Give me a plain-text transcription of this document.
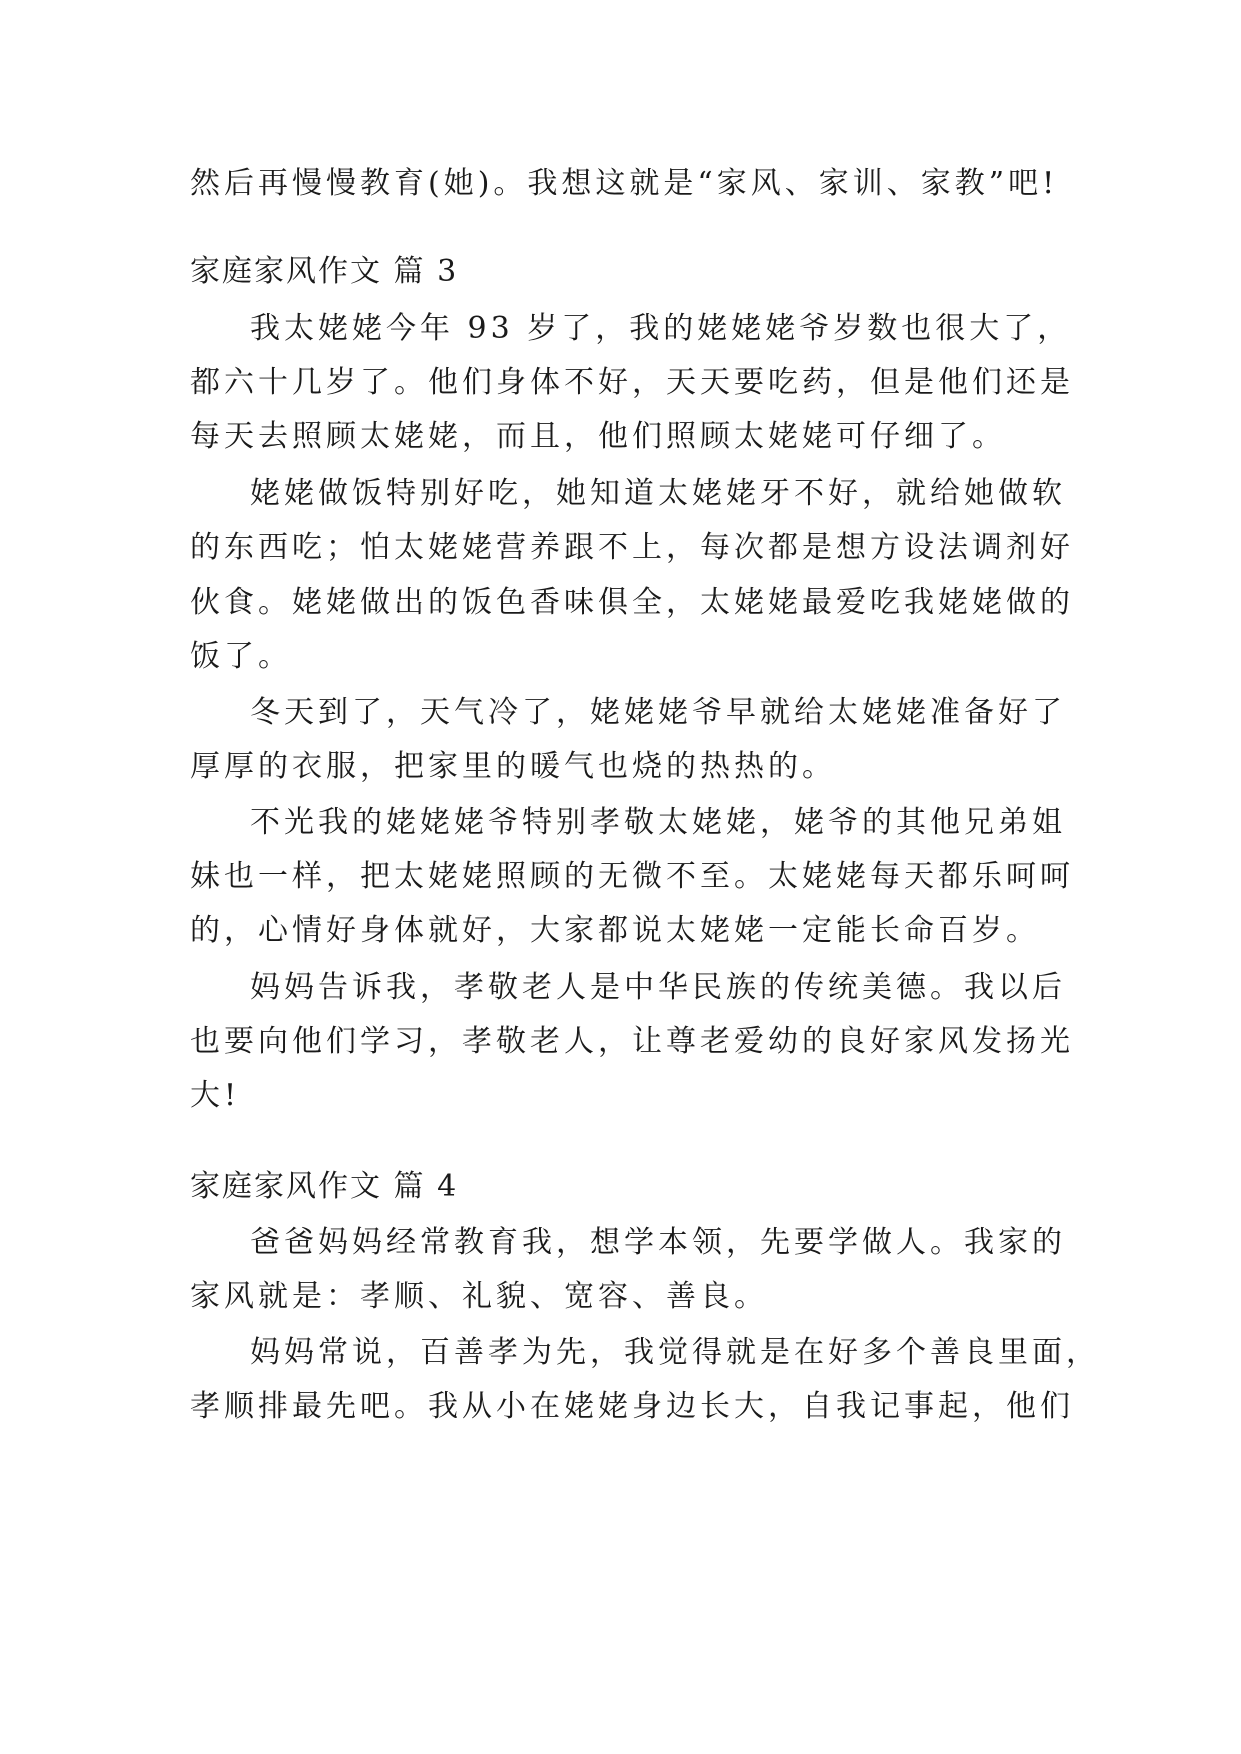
然后再慢慢教育(她)。我想这就是“家风、家训、家教”吧!
家庭家风作文 篇 3
我太姥姥今年 93 岁了，我的姥姥姥爷岁数也很大了，
都六十几岁了。他们身体不好，天天要吃药，但是他们还是
每天去照顾太姥姥，而且，他们照顾太姥姥可仔细了。
姥姥做饭特别好吃，她知道太姥姥牙不好，就给她做软
的东西吃；怕太姥姥营养跟不上，每次都是想方设法调剂好
伙食。姥姥做出的饭色香味俱全，太姥姥最爱吃我姥姥做的
饭了。
冬天到了，天气冷了，姥姥姥爷早就给太姥姥准备好了
厚厚的衣服，把家里的暖气也烧的热热的。
不光我的姥姥姥爷特别孝敬太姥姥，姥爷的其他兄弟姐
妹也一样，把太姥姥照顾的无微不至。太姥姥每天都乐呵呵
的，心情好身体就好，大家都说太姥姥一定能长命百岁。
妈妈告诉我，孝敬老人是中华民族的传统美德。我以后
也要向他们学习，孝敬老人，让尊老爱幼的良好家风发扬光
大!
家庭家风作文 篇 4
爸爸妈妈经常教育我，想学本领，先要学做人。我家的
家风就是：孝顺、礼貌、宽容、善良。
妈妈常说，百善孝为先，我觉得就是在好多个善良里面，
孝顺排最先吧。我从小在姥姥身边长大，自我记事起，他们
